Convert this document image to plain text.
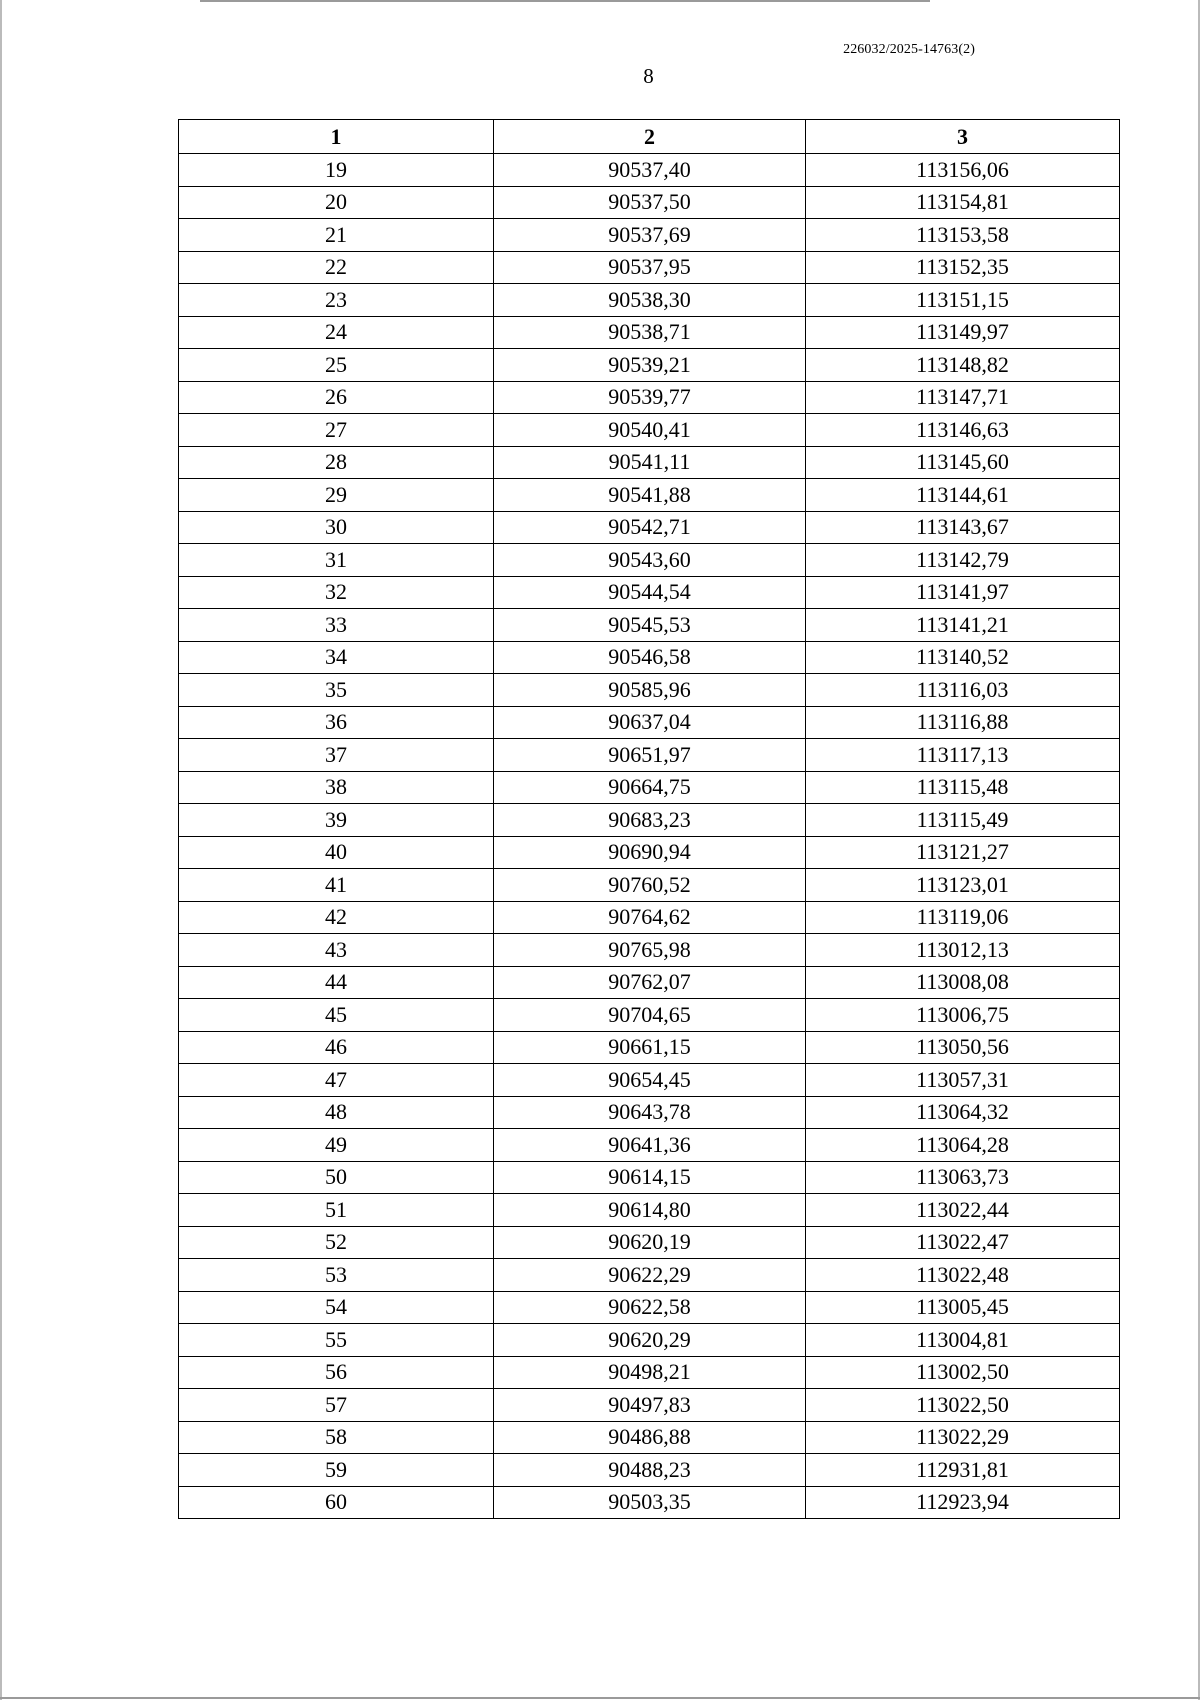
226032/2025-14763(2)
8
1	2	3
19	90537,40	113156,06
20	90537,50	113154,81
21	90537,69	113153,58
22	90537,95	113152,35
23	90538,30	113151,15
24	90538,71	113149,97
25	90539,21	113148,82
26	90539,77	113147,71
27	90540,41	113146,63
28	90541,11	113145,60
29	90541,88	113144,61
30	90542,71	113143,67
31	90543,60	113142,79
32	90544,54	113141,97
33	90545,53	113141,21
34	90546,58	113140,52
35	90585,96	113116,03
36	90637,04	113116,88
37	90651,97	113117,13
38	90664,75	113115,48
39	90683,23	113115,49
40	90690,94	113121,27
41	90760,52	113123,01
42	90764,62	113119,06
43	90765,98	113012,13
44	90762,07	113008,08
45	90704,65	113006,75
46	90661,15	113050,56
47	90654,45	113057,31
48	90643,78	113064,32
49	90641,36	113064,28
50	90614,15	113063,73
51	90614,80	113022,44
52	90620,19	113022,47
53	90622,29	113022,48
54	90622,58	113005,45
55	90620,29	113004,81
56	90498,21	113002,50
57	90497,83	113022,50
58	90486,88	113022,29
59	90488,23	112931,81
60	90503,35	112923,94
